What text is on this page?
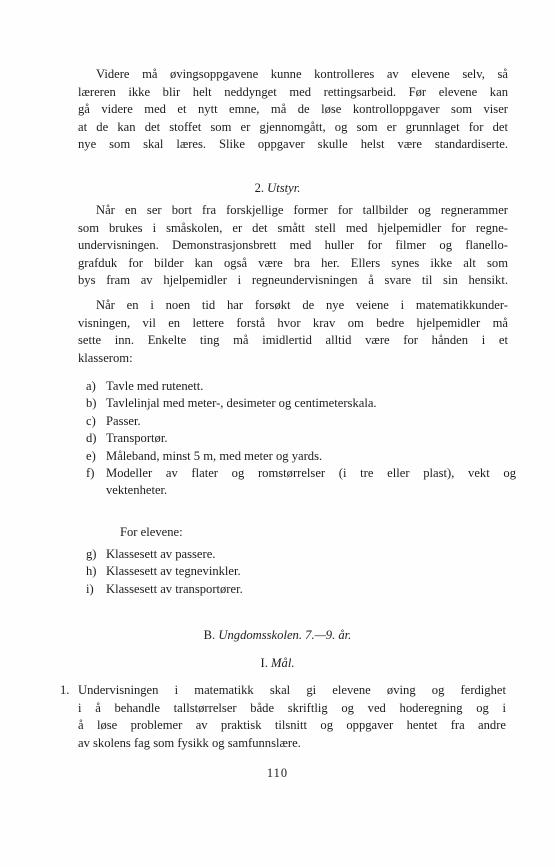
Videre må øvingsoppgavene kunne kontrolleres av elevene selv, så
læreren ikke blir helt neddynget med rettingsarbeid. Før elevene kan
gå videre med et nytt emne, må de løse kontrolloppgaver som viser
at de kan det stoffet som er gjennomgått, og som er grunnlaget for det
nye som skal læres. Slike oppgaver skulle helst være standardiserte.
2. Utstyr.
Når en ser bort fra forskjellige former for tallbilder og regnerammer
som brukes i småskolen, er det smått stell med hjelpemidler for regne-
undervisningen. Demonstrasjonsbrett med huller for filmer og flanello-
grafduk for bilder kan også være bra her. Ellers synes ikke alt som
bys fram av hjelpemidler i regneundervisningen å svare til sin hensikt.
Når en i noen tid har forsøkt de nye veiene i matematikkunder-
visningen, vil en lettere forstå hvor krav om bedre hjelpemidler må
sette inn. Enkelte ting må imidlertid alltid være for hånden i et
klasserom:
a) Tavle med rutenett.
b) Tavlelinjal med meter-, desimeter og centimeterskala.
c) Passer.
d) Transportør.
e) Måleband, minst 5 m, med meter og yards.
f) Modeller av flater og romstørrelser (i tre eller plast), vekt og
vektenheter.
For elevene:
g) Klassesett av passere.
h) Klassesett av tegnevinkler.
i) Klassesett av transportører.
B. Ungdomsskolen. 7.—9. år.
I. Mål.
1. Undervisningen i matematikk skal gi elevene øving og ferdighet
i å behandle tallstørrelser både skriftlig og ved hoderegning og i
å løse problemer av praktisk tilsnitt og oppgaver hentet fra andre
av skolens fag som fysikk og samfunnslære.
110
